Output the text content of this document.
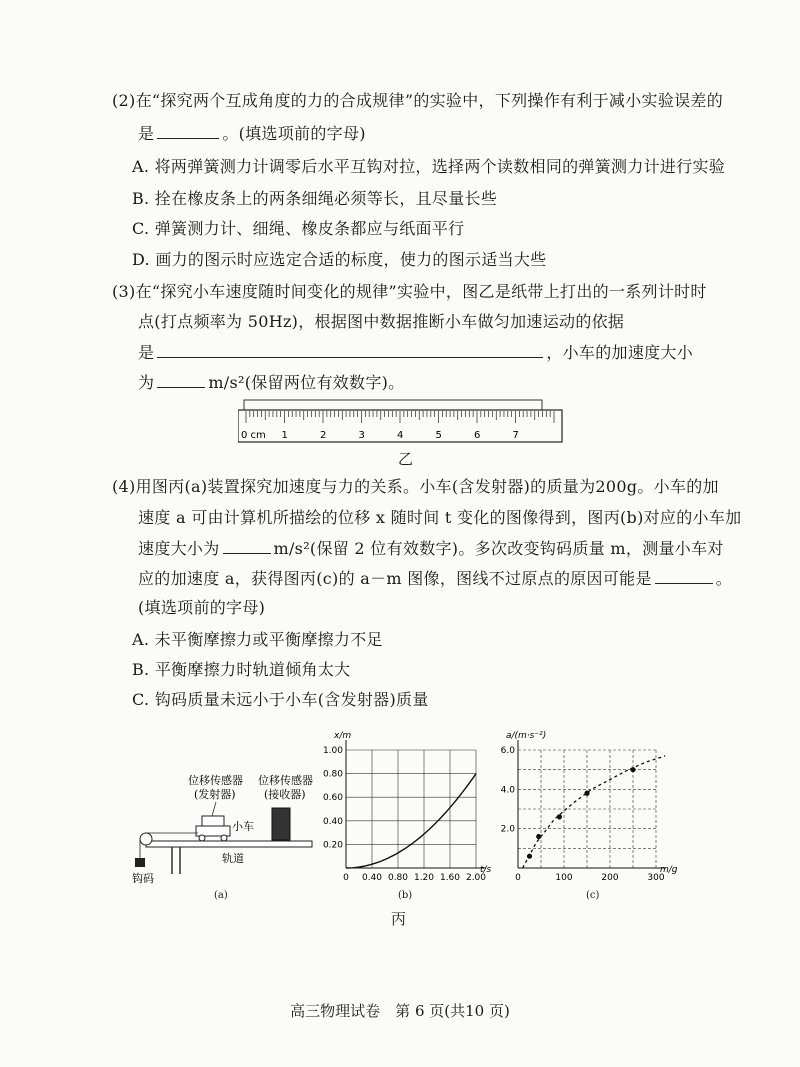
(2)在“探究两个互成角度的力的合成规律”的实验中，下列操作有利于减小实验误差的
是	。(填选项前的字母)
A. 将两弹簧测力计调零后水平互钩对拉，选择两个读数相同的弹簧测力计进行实验
B. 拴在橡皮条上的两条细绳必须等长，且尽量长些
C. 弹簧测力计、细绳、橡皮条都应与纸面平行
D. 画力的图示时应选定合适的标度，使力的图示适当大些
(3)在“探究小车速度随时间变化的规律”实验中，图乙是纸带上打出的一系列计时时
点(打点频率为 50Hz)，根据图中数据推断小车做匀加速运动的依据
是	，小车的加速度大小
为	m/s²(保留两位有效数字)。
0 cm 1	2	3	4	5	6	7
乙
(4)用图丙(a)装置探究加速度与力的关系。小车(含发射器)的质量为200g。小车的加
速度 a 可由计算机所描绘的位移 x 随时间 t 变化的图像得到，图丙(b)对应的小车加
速度大小为	m/s²(保留 2 位有效数字)。多次改变钩码质量 m，测量小车对
应的加速度 a，获得图丙(c)的 a－m 图像，图线不过原点的原因可能是	。
(填选项前的字母)
A. 未平衡摩擦力或平衡摩擦力不足
B. 平衡摩擦力时轨道倾角太大
C. 钩码质量未远小于小车(含发射器)质量
位移传感器
(发射器)
位移传感器
(接收器)
小车
轨道
钩码
(a)
t/s
x/m
0 0.40 0.80 1.20 1.60 2.00
0.20
0.40
0.60
0.80
1.00
(b)
m/g
a/(m·s⁻²)
0	100	200	300
2.0
4.0
6.0
(c)
丙
高三物理试卷　第 6 页(共10 页)
